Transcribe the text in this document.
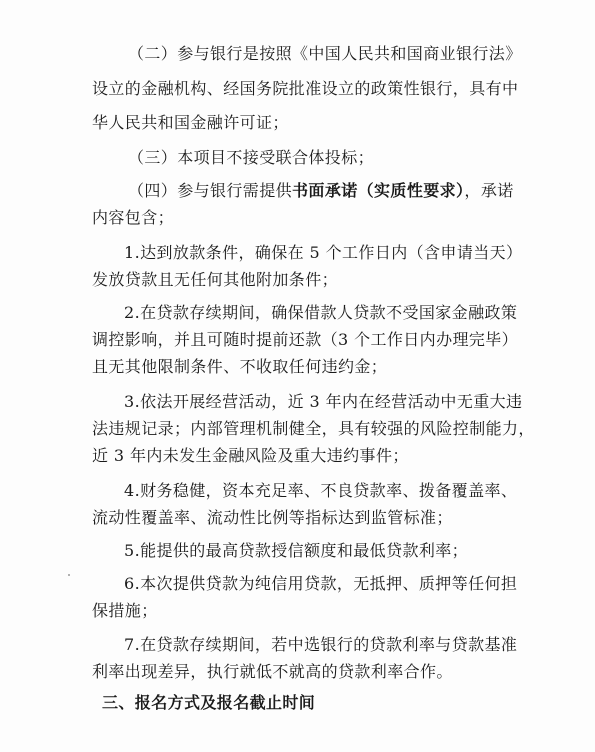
（二）参与银行是按照《中国人民共和国商业银行法》
设立的金融机构、经国务院批准设立的政策性银行，具有中
华人民共和国金融许可证；
（三）本项目不接受联合体投标；
（四）参与银行需提供书面承诺（实质性要求），承诺
内容包含；
1.达到放款条件，确保在 5 个工作日内（含申请当天）
发放贷款且无任何其他附加条件；
2.在贷款存续期间，确保借款人贷款不受国家金融政策
调控影响，并且可随时提前还款（3 个工作日内办理完毕）
且无其他限制条件、不收取任何违约金；
3.依法开展经营活动，近 3 年内在经营活动中无重大违
法违规记录；内部管理机制健全，具有较强的风险控制能力，
近 3 年内未发生金融风险及重大违约事件；
4.财务稳健，资本充足率、不良贷款率、拨备覆盖率、
流动性覆盖率、流动性比例等指标达到监管标准；
5.能提供的最高贷款授信额度和最低贷款利率；
6.本次提供贷款为纯信用贷款，无抵押、质押等任何担
保措施；
7.在贷款存续期间，若中选银行的贷款利率与贷款基准
利率出现差异，执行就低不就高的贷款利率合作。
三、报名方式及报名截止时间
